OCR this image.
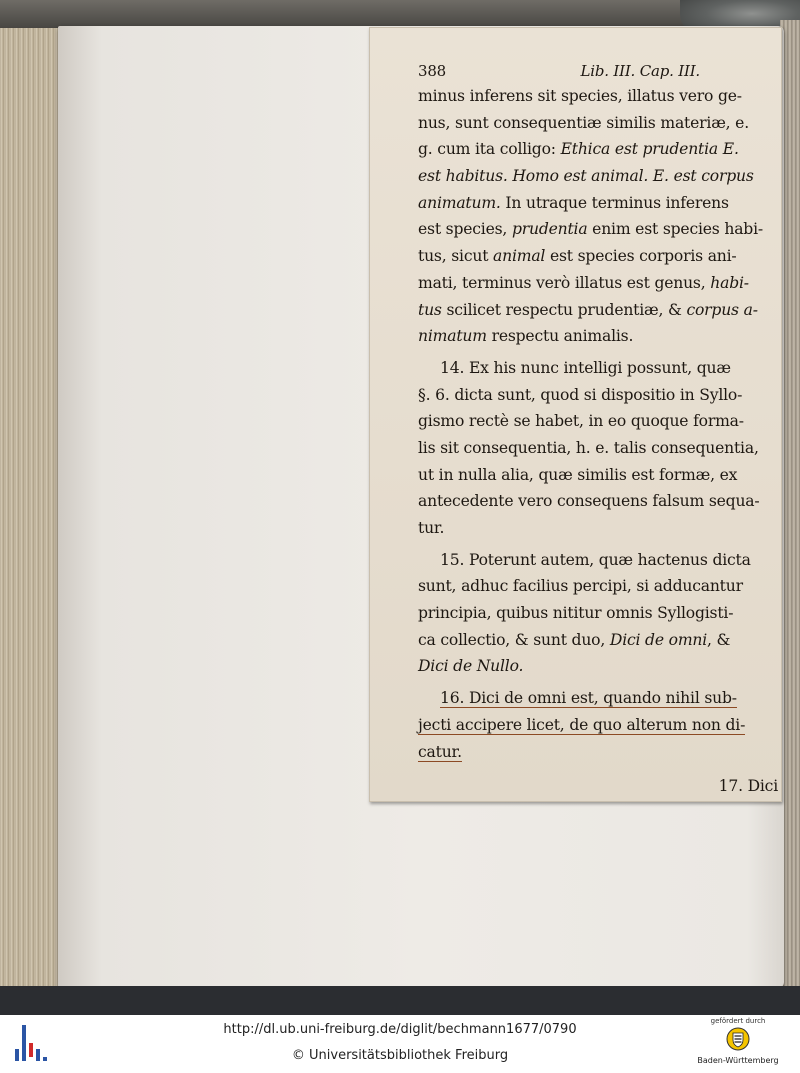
388	Lib. III. Cap. III.
minus inferens sit species, illatus vero ge-
nus, sunt consequentiæ similis materiæ, e.
g. cum ita colligo: Ethica est prudentia E.
est habitus. Homo est animal. E. est corpus
animatum. In utraque terminus inferens
est species, prudentia enim est species habi-
tus, sicut animal est species corporis ani-
mati, terminus verò illatus est genus, habi-
tus scilicet respectu prudentiæ, & corpus a-
nimatum respectu animalis.
14. Ex his nunc intelligi possunt, quæ
§. 6. dicta sunt, quod si dispositio in Syllo-
gismo rectè se habet, in eo quoque forma-
lis sit consequentia, h. e. talis consequentia,
ut in nulla alia, quæ similis est formæ, ex
antecedente vero consequens falsum sequa-
tur.
15. Poterunt autem, quæ hactenus dicta
sunt, adhuc facilius percipi, si adducantur
principia, quibus nititur omnis Syllogisti-
ca collectio, & sunt duo, Dici de omni, &
Dici de Nullo.
16. Dici de omni est, quando nihil sub-
jecti accipere licet, de quo alterum non di-
catur.
17. Dici
http://dl.ub.uni-freiburg.de/diglit/bechmann1677/0790
© Universitätsbibliothek Freiburg
gefördert durch
Baden-Württemberg
